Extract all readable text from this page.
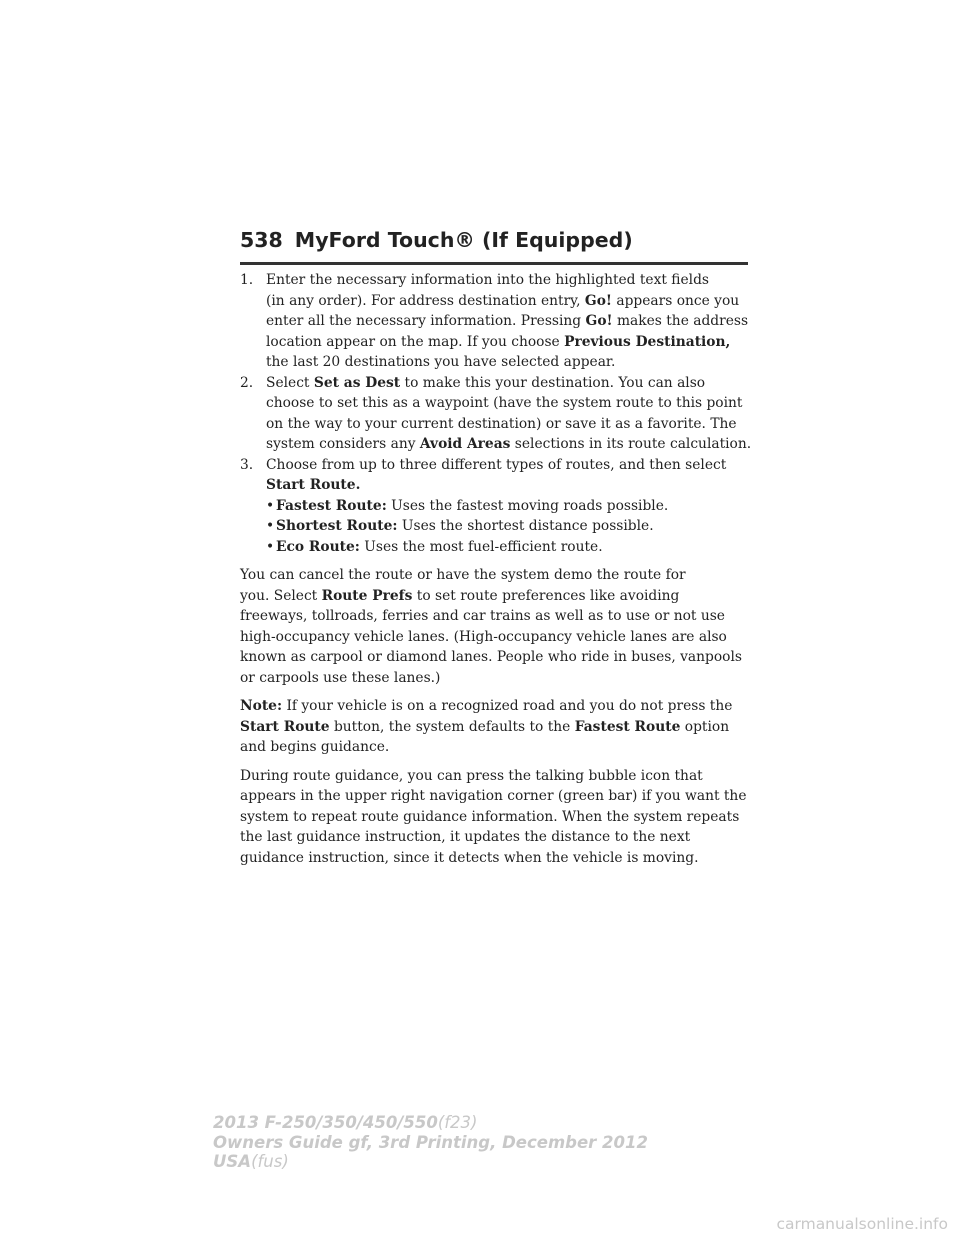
538 MyFord Touch® (If Equipped)
1. Enter the necessary information into the highlighted text fields
(in any order). For address destination entry, Go! appears once you
enter all the necessary information. Pressing Go! makes the address
location appear on the map. If you choose Previous Destination,
the last 20 destinations you have selected appear.
2. Select Set as Dest to make this your destination. You can also
choose to set this as a waypoint (have the system route to this point
on the way to your current destination) or save it as a favorite. The
system considers any Avoid Areas selections in its route calculation.
3. Choose from up to three different types of routes, and then select
Start Route.
• Fastest Route: Uses the fastest moving roads possible.
• Shortest Route: Uses the shortest distance possible.
• Eco Route: Uses the most fuel-efficient route.
You can cancel the route or have the system demo the route for
you. Select Route Prefs to set route preferences like avoiding
freeways, tollroads, ferries and car trains as well as to use or not use
high-occupancy vehicle lanes. (High-occupancy vehicle lanes are also
known as carpool or diamond lanes. People who ride in buses, vanpools
or carpools use these lanes.)
Note: If your vehicle is on a recognized road and you do not press the
Start Route button, the system defaults to the Fastest Route option
and begins guidance.
During route guidance, you can press the talking bubble icon that
appears in the upper right navigation corner (green bar) if you want the
system to repeat route guidance information. When the system repeats
the last guidance instruction, it updates the distance to the next
guidance instruction, since it detects when the vehicle is moving.
2013 F-250/350/450/550(f23)
Owners Guide gf, 3rd Printing, December 2012
USA(fus)
carmanualsonline.info
